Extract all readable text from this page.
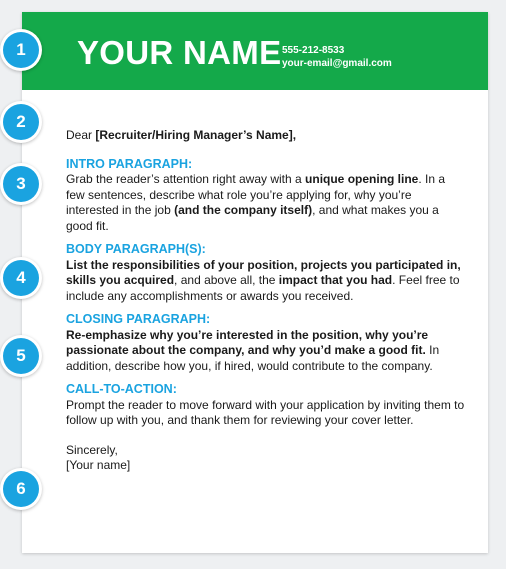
YOUR NAME 555-212-8533
your-email@gmail.com

Dear [Recruiter/Hiring Manager’s Name],

INTRO PARAGRAPH:

Grab the reader’s attention right away with a unique opening line. In a few sentences, describe what role you’re applying for, why you’re interested in the job (and the company itself), and what makes you a good fit.

BODY PARAGRAPH(S):

List the responsibilities of your position, projects you participated in, skills you acquired, and above all, the impact that you had. Feel free to include any accomplishments or awards you received.

CLOSING PARAGRAPH:

Re-emphasize why you’re interested in the position, why you’re passionate about the company, and why you’d make a good fit. In addition, describe how you, if hired, would contribute to the company.

CALL-TO-ACTION:

Prompt the reader to move forward with your application by inviting them to follow up with you, and thank them for reviewing your cover letter.

Sincerely,
[Your name]
1
2
3
4
5
6
